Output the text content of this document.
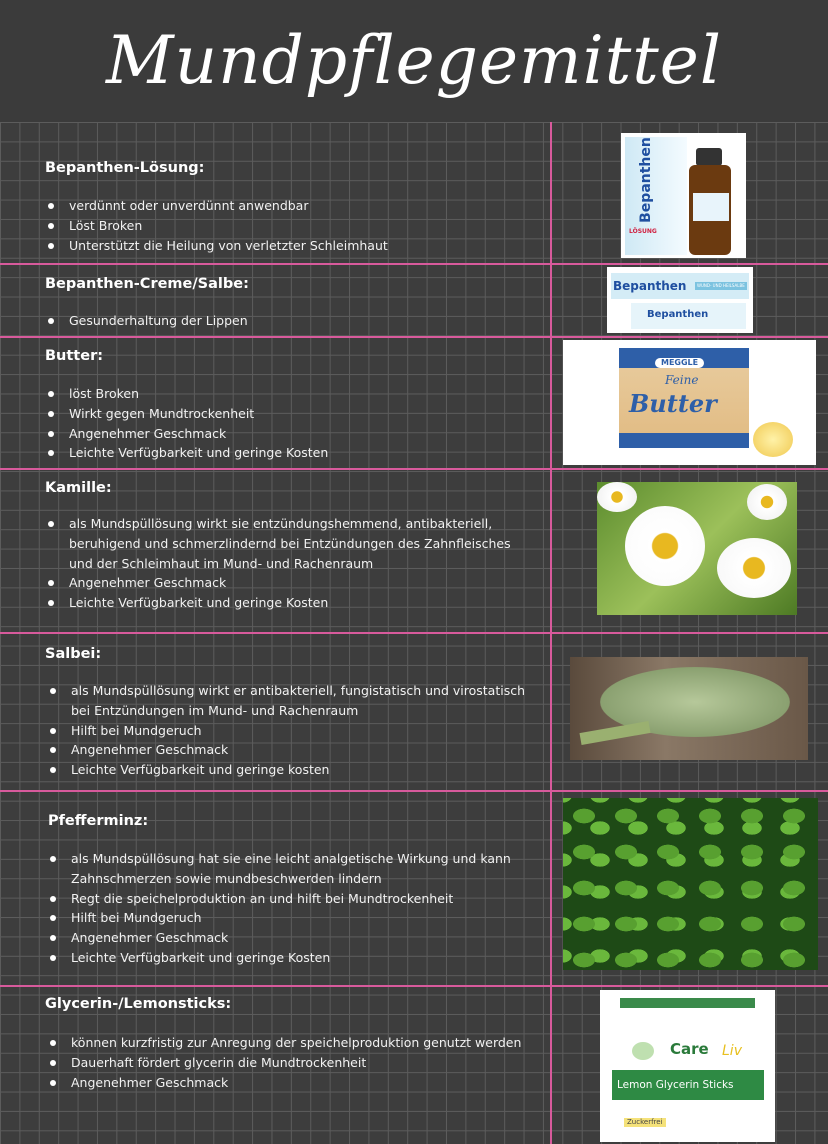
Mundpflegemittel
Bepanthen-Lösung:
verdünnt oder unverdünnt anwendbar
Löst Broken
Unterstützt die Heilung von verletzter Schleimhaut
Bepanthen-Creme/Salbe:
Gesunderhaltung der Lippen
Butter:
löst Broken
Wirkt gegen Mundtrockenheit
Angenehmer Geschmack
Leichte Verfügbarkeit und geringe Kosten
Kamille:
als Mundspüllösung wirkt sie entzündungshemmend, antibakteriell, beruhigend und schmerzlindernd bei Entzündungen des Zahnfleisches und der Schleimhaut im Mund- und Rachenraum
Angenehmer Geschmack
Leichte Verfügbarkeit und geringe Kosten
Salbei:
als Mundspüllösung wirkt er antibakteriell, fungistatisch und virostatisch bei Entzündungen im Mund- und Rachenraum
Hilft bei Mundgeruch
Angenehmer Geschmack
Leichte Verfügbarkeit und geringe kosten
Pfefferminz:
als Mundspüllösung hat sie eine leicht analgetische Wirkung und kann Zahnschmerzen sowie mundbeschwerden lindern
Regt die speichelproduktion an und hilft bei Mundtrockenheit
Hilft bei Mundgeruch
Angenehmer Geschmack
Leichte Verfügbarkeit und geringe Kosten
Glycerin-/Lemonsticks:
können kurzfristig zur Anregung der speichelproduktion genutzt werden
Dauerhaft fördert glycerin die Mundtrockenheit
Angenehmer Geschmack
Bepanthen
LÖSUNG
Bepanthen	WUND- UND HEILSALBE
Bepanthen
MEGGLE
Feine
Butter
Care Liv
Lemon Glycerin Sticks
Zuckerfrei
